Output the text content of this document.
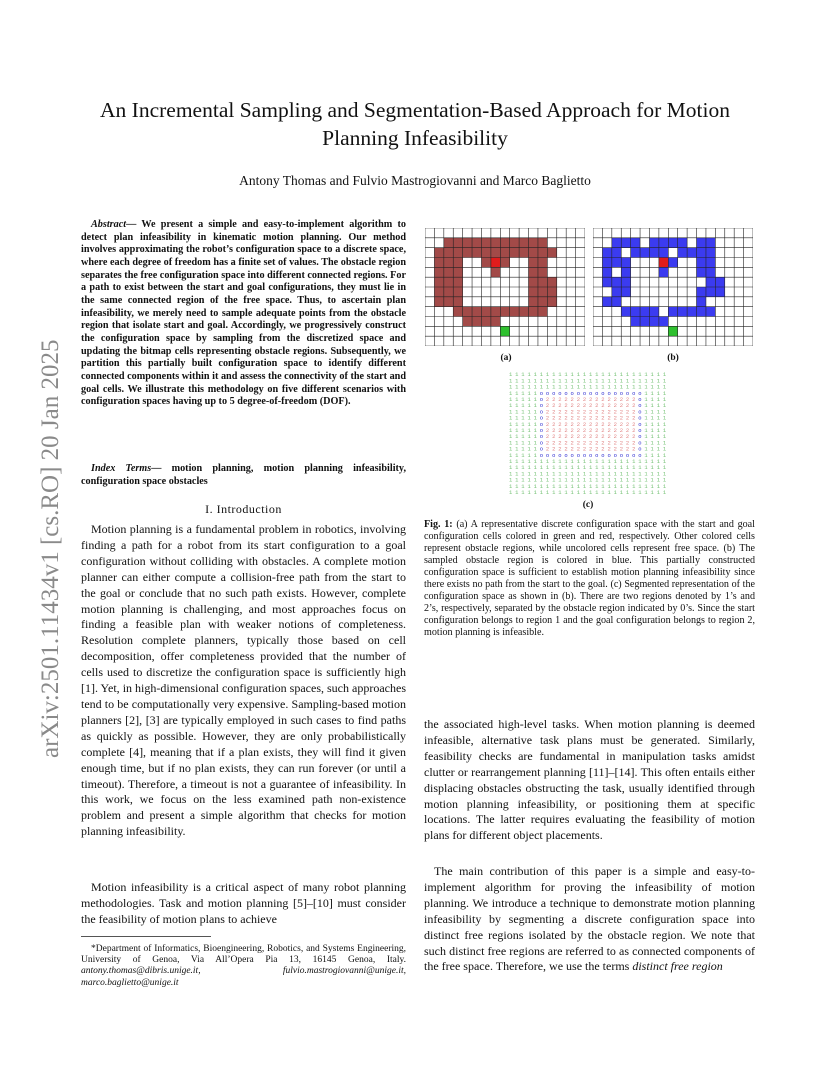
arXiv:2501.11434v1 [cs.RO] 20 Jan 2025
An Incremental Sampling and Segmentation-Based Approach for Motion Planning Infeasibility
Antony Thomas and Fulvio Mastrogiovanni and Marco Baglietto
Abstract— We present a simple and easy-to-implement algorithm to detect plan infeasibility in kinematic motion planning. Our method involves approximating the robot’s configuration space to a discrete space, where each degree of freedom has a finite set of values. The obstacle region separates the free configuration space into different connected regions. For a path to exist between the start and goal configurations, they must lie in the same connected region of the free space. Thus, to ascertain plan infeasibility, we merely need to sample adequate points from the obstacle region that isolate start and goal. Accordingly, we progressively construct the configuration space by sampling from the discretized space and updating the bitmap cells representing obstacle regions. Subsequently, we partition this partially built configuration space to identify different connected components within it and assess the connectivity of the start and goal cells. We illustrate this methodology on five different scenarios with configuration spaces having up to 5 degree-of-freedom (DOF).
Index Terms— motion planning, motion planning infeasibility, configuration space obstacles
I. Introduction
Motion planning is a fundamental problem in robotics, involving finding a path for a robot from its start configuration to a goal configuration without colliding with obstacles. A complete motion planner can either compute a collision-free path from the start to the goal or conclude that no such path exists. However, complete motion planning is challenging, and most approaches focus on finding a feasible plan with weaker notions of completeness. Resolution complete planners, typically those based on cell decomposition, offer completeness provided that the number of cells used to discretize the configuration space is sufficiently high [1]. Yet, in high-dimensional configuration spaces, such approaches tend to be computationally very expensive. Sampling-based motion planners [2], [3] are typically employed in such cases to find paths as quickly as possible. However, they are only probabilistically complete [4], meaning that if a plan exists, they will find it given enough time, but if no plan exists, they can run forever (or until a timeout). Therefore, a timeout is not a guarantee of infeasibility. In this work, we focus on the less examined path non-existence problem and present a simple algorithm that checks for motion planning infeasibility.
Motion infeasibility is a critical aspect of many robot planning methodologies. Task and motion planning [5]–[10] must consider the feasibility of motion plans to achieve
*Department of Informatics, Bioengineering, Robotics, and Systems Engineering, University of Genoa, Via All’Opera Pia 13, 16145 Genoa, Italy. antony.thomas@dibris.unige.it, fulvio.mastrogiovanni@unige.it, marco.baglietto@unige.it
(a)	(b)
1 1 1 1 1 1 1 1 1 1 1 1 1 1 1 1 1 1 1 1 1 1 1 1 1 1
1 1 1 1 1 1 1 1 1 1 1 1 1 1 1 1 1 1 1 1 1 1 1 1 1 1
1 1 1 1 1 1 1 1 1 1 1 1 1 1 1 1 1 1 1 1 1 1 1 1 1 1
1 1 1 1 1 o o o o o o o o o o o o o o o o o 1 1 1 1
1 1 1 1 1 o 2 2 2 2 2 2 2 2 2 2 2 2 2 2 2 o 1 1 1 1
1 1 1 1 1 o 2 2 2 2 2 2 2 2 2 2 2 2 2 2 2 o 1 1 1 1
1 1 1 1 1 o 2 2 2 2 2 2 2 2 2 2 2 2 2 2 2 o 1 1 1 1
1 1 1 1 1 o 2 2 2 2 2 2 2 2 2 2 2 2 2 2 2 o 1 1 1 1
1 1 1 1 1 o 2 2 2 2 2 2 2 2 2 2 2 2 2 2 2 o 1 1 1 1
1 1 1 1 1 o 2 2 2 2 2 2 2 2 2 2 2 2 2 2 2 o 1 1 1 1
1 1 1 1 1 o 2 2 2 2 2 2 2 2 2 2 2 2 2 2 2 o 1 1 1 1
1 1 1 1 1 o 2 2 2 2 2 2 2 2 2 2 2 2 2 2 2 o 1 1 1 1
1 1 1 1 1 o 2 2 2 2 2 2 2 2 2 2 2 2 2 2 2 o 1 1 1 1
1 1 1 1 1 o o o o o o o o o o o o o o o o o 1 1 1 1
1 1 1 1 1 1 1 1 1 1 1 1 1 1 1 1 1 1 1 1 1 1 1 1 1 1
1 1 1 1 1 1 1 1 1 1 1 1 1 1 1 1 1 1 1 1 1 1 1 1 1 1
1 1 1 1 1 1 1 1 1 1 1 1 1 1 1 1 1 1 1 1 1 1 1 1 1 1
1 1 1 1 1 1 1 1 1 1 1 1 1 1 1 1 1 1 1 1 1 1 1 1 1 1
1 1 1 1 1 1 1 1 1 1 1 1 1 1 1 1 1 1 1 1 1 1 1 1 1 1
1 1 1 1 1 1 1 1 1 1 1 1 1 1 1 1 1 1 1 1 1 1 1 1 1 1
(c)
Fig. 1: (a) A representative discrete configuration space with the start and goal configuration cells colored in green and red, respectively. Other colored cells represent obstacle regions, while uncolored cells represent free space. (b) The sampled obstacle region is colored in blue. This partially constructed configuration space is sufficient to establish motion planning infeasibility since there exists no path from the start to the goal. (c) Segmented representation of the configuration space as shown in (b). There are two regions denoted by 1’s and 2’s, respectively, separated by the obstacle region indicated by 0’s. Since the start configuration belongs to region 1 and the goal configuration belongs to region 2, motion planning is infeasible.
the associated high-level tasks. When motion planning is deemed infeasible, alternative task plans must be generated. Similarly, feasibility checks are fundamental in manipulation tasks amidst clutter or rearrangement planning [11]–[14]. This often entails either displacing obstacles obstructing the task, usually identified through motion planning infeasibility, or positioning them at specific locations. The latter requires evaluating the feasibility of motion plans for different object placements.
The main contribution of this paper is a simple and easy-to-implement algorithm for proving the infeasibility of motion planning. We introduce a technique to demonstrate motion planning infeasibility by segmenting a discrete configuration space into distinct free regions isolated by the obstacle region. We note that such distinct free regions are referred to as connected components of the free space. Therefore, we use the terms distinct free region
